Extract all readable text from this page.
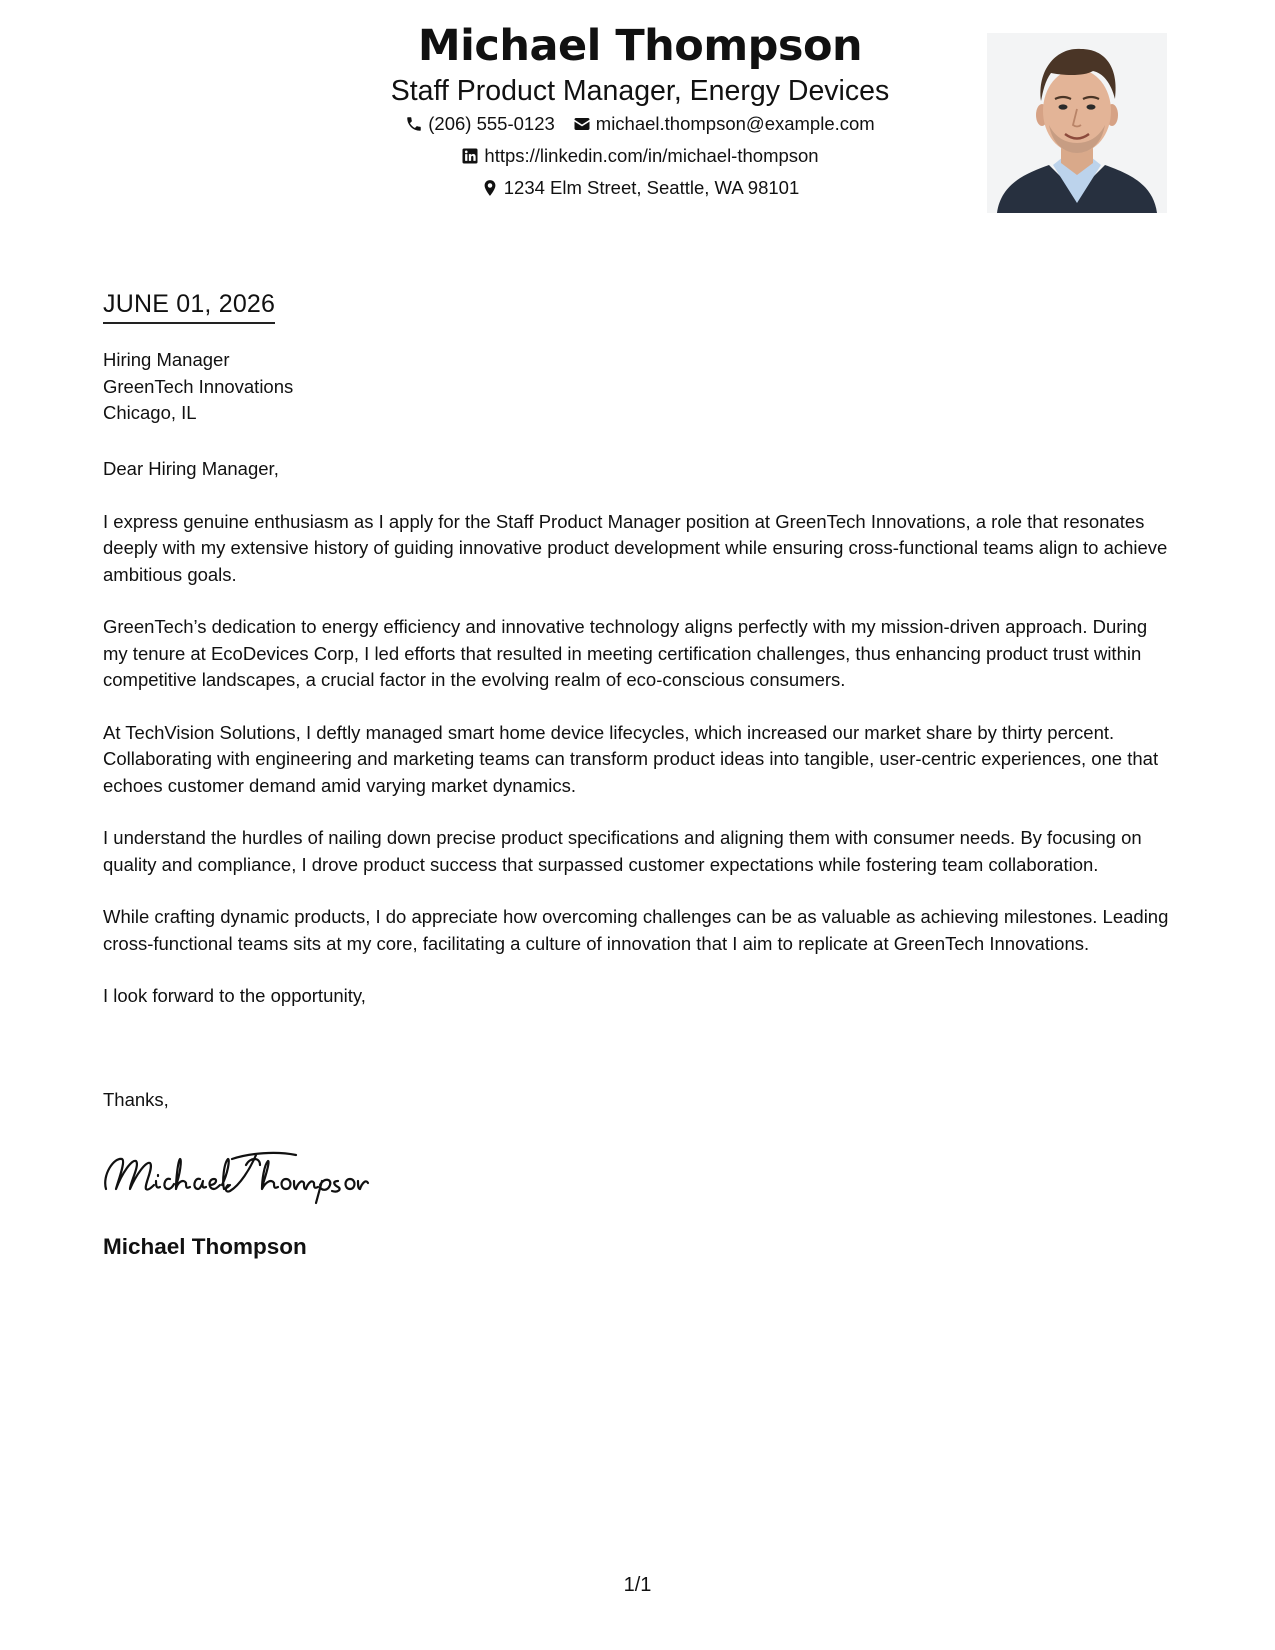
Michael Thompson
Staff Product Manager, Energy Devices
(206) 555-0123 michael.thompson@example.com
https://linkedin.com/in/michael-thompson
1234 Elm Street, Seattle, WA 98101
JUNE 01, 2026
Hiring Manager
GreenTech Innovations
Chicago, IL

Dear Hiring Manager,

I express genuine enthusiasm as I apply for the Staff Product Manager position at GreenTech Innovations, a role that resonates deeply with my extensive history of guiding innovative product development while ensuring cross-functional teams align to achieve ambitious goals.

GreenTech’s dedication to energy efficiency and innovative technology aligns perfectly with my mission-driven approach. During my tenure at EcoDevices Corp, I led efforts that resulted in meeting certification challenges, thus enhancing product trust within competitive landscapes, a crucial factor in the evolving realm of eco-conscious consumers.

At TechVision Solutions, I deftly managed smart home device lifecycles, which increased our market share by thirty percent. Collaborating with engineering and marketing teams can transform product ideas into tangible, user-centric experiences, one that echoes customer demand amid varying market dynamics.

I understand the hurdles of nailing down precise product specifications and aligning them with consumer needs. By focusing on quality and compliance, I drove product success that surpassed customer expectations while fostering team collaboration.

While crafting dynamic products, I do appreciate how overcoming challenges can be as valuable as achieving milestones. Leading cross-functional teams sits at my core, facilitating a culture of innovation that I aim to replicate at GreenTech Innovations.

I look forward to the opportunity,

Thanks,
Michael Thompson
1/1
